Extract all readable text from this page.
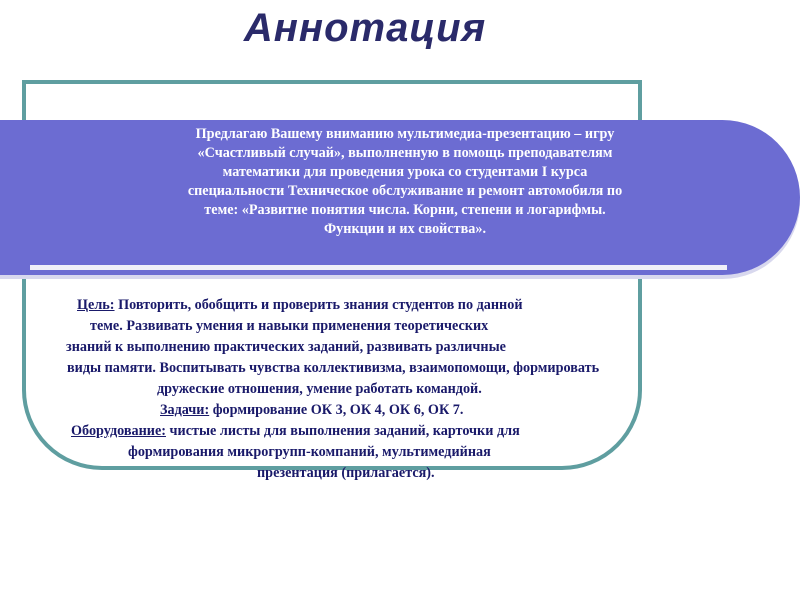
Аннотация
Предлагаю Вашему вниманию мультимедиа-презентацию – игру
«Счастливый случай», выполненную в помощь преподавателям
математики для проведения урока со студентами I курса
специальности Техническое обслуживание и ремонт автомобиля по
теме: «Развитие понятия числа. Корни, степени и логарифмы.
Функции и их свойства».
Цель: Повторить, обобщить и проверить знания студентов по данной
теме. Развивать умения и навыки применения теоретических
знаний к выполнению практических заданий, развивать различные
виды памяти. Воспитывать чувства коллективизма, взаимопомощи, формировать
дружеские отношения, умение работать командой.
Задачи: формирование ОК 3, ОК 4, ОК 6, ОК 7.
Оборудование: чистые листы для выполнения заданий, карточки для
формирования микрогрупп-компаний, мультимедийная
презентация (прилагается).
